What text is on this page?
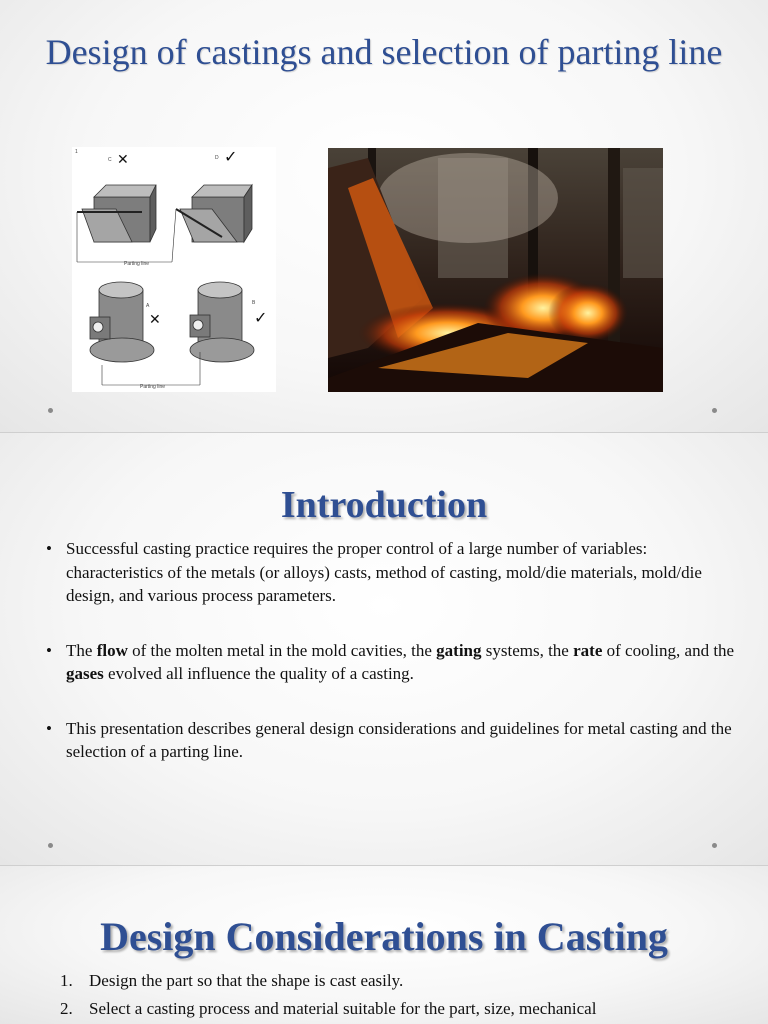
Design of castings and selection of parting line
1
C ✕	D ✓
Parting line
A
✕
Parting line
B
✓
Introduction
• Successful casting practice requires the proper control of a large number of variables: characteristics of the metals (or alloys) casts, method of casting, mold/die materials, mold/die design, and various process parameters.
• The flow of the molten metal in the mold cavities, the gating systems, the rate of cooling, and the gases evolved all influence the quality of a casting.
• This presentation describes general design considerations and guidelines for metal casting and the selection of a parting line.
Design Considerations in Casting
1. Design the part so that the shape is cast easily.
2. Select a casting process and material suitable for the part, size, mechanical
